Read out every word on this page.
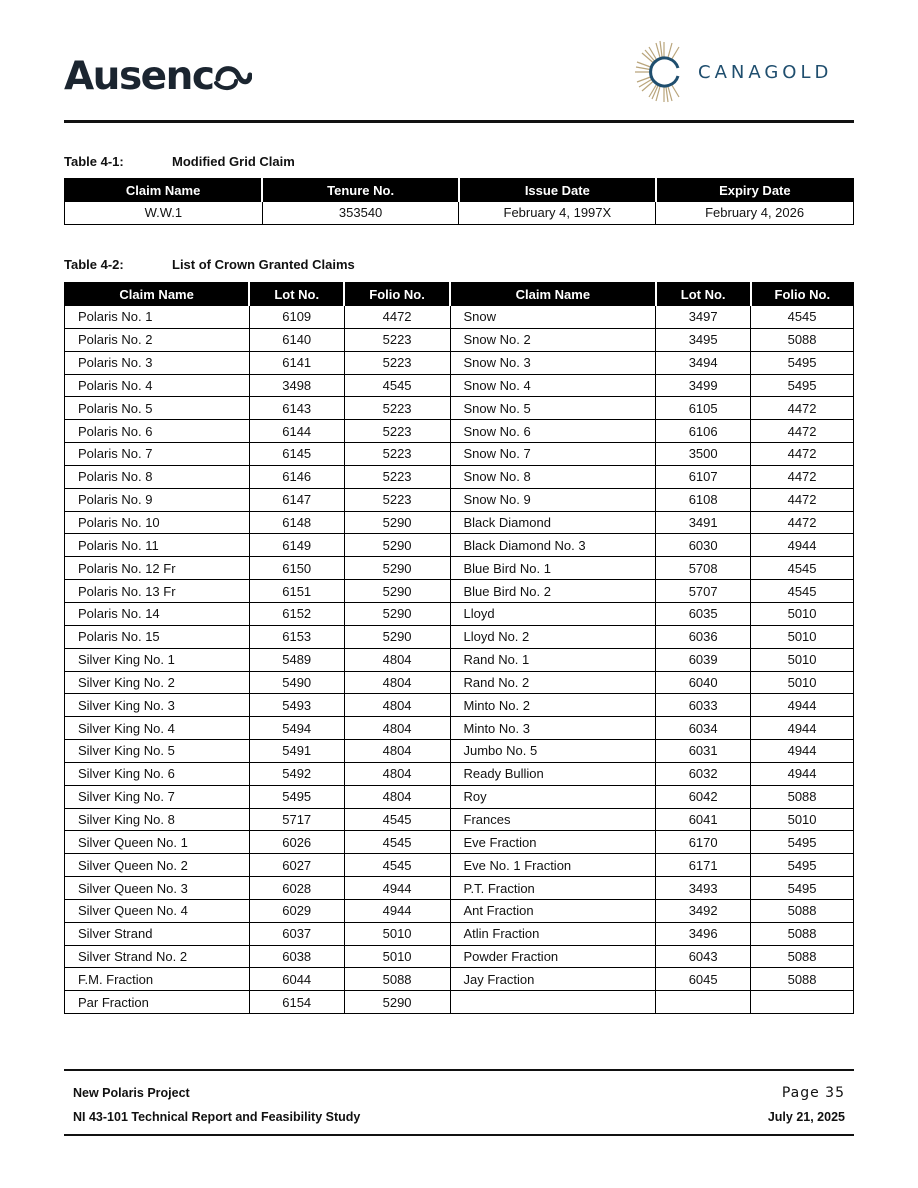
Ausenc	CANAGOLD
Table 4-1:	Modified Grid Claim
Claim Name	Tenure No.	Issue Date	Expiry Date
W.W.1	353540	February 4, 1997X	February 4, 2026
Table 4-2:	List of Crown Granted Claims
Claim Name	Lot No.	Folio No.	Claim Name	Lot No.	Folio No.
Polaris No. 1	6109	4472	Snow	3497	4545
Polaris No. 2	6140	5223	Snow No. 2	3495	5088
Polaris No. 3	6141	5223	Snow No. 3	3494	5495
Polaris No. 4	3498	4545	Snow No. 4	3499	5495
Polaris No. 5	6143	5223	Snow No. 5	6105	4472
Polaris No. 6	6144	5223	Snow No. 6	6106	4472
Polaris No. 7	6145	5223	Snow No. 7	3500	4472
Polaris No. 8	6146	5223	Snow No. 8	6107	4472
Polaris No. 9	6147	5223	Snow No. 9	6108	4472
Polaris No. 10	6148	5290	Black Diamond	3491	4472
Polaris No. 11	6149	5290	Black Diamond No. 3	6030	4944
Polaris No. 12 Fr	6150	5290	Blue Bird No. 1	5708	4545
Polaris No. 13 Fr	6151	5290	Blue Bird No. 2	5707	4545
Polaris No. 14	6152	5290	Lloyd	6035	5010
Polaris No. 15	6153	5290	Lloyd No. 2	6036	5010
Silver King No. 1	5489	4804	Rand No. 1	6039	5010
Silver King No. 2	5490	4804	Rand No. 2	6040	5010
Silver King No. 3	5493	4804	Minto No. 2	6033	4944
Silver King No. 4	5494	4804	Minto No. 3	6034	4944
Silver King No. 5	5491	4804	Jumbo No. 5	6031	4944
Silver King No. 6	5492	4804	Ready Bullion	6032	4944
Silver King No. 7	5495	4804	Roy	6042	5088
Silver King No. 8	5717	4545	Frances	6041	5010
Silver Queen No. 1	6026	4545	Eve Fraction	6170	5495
Silver Queen No. 2	6027	4545	Eve No. 1 Fraction	6171	5495
Silver Queen No. 3	6028	4944	P.T. Fraction	3493	5495
Silver Queen No. 4	6029	4944	Ant Fraction	3492	5088
Silver Strand	6037	5010	Atlin Fraction	3496	5088
Silver Strand No. 2	6038	5010	Powder Fraction	6043	5088
F.M. Fraction	6044	5088	Jay Fraction	6045	5088
Par Fraction	6154	5290			
New Polaris Project
NI 43-101 Technical Report and Feasibility Study
Page 35
July 21, 2025
